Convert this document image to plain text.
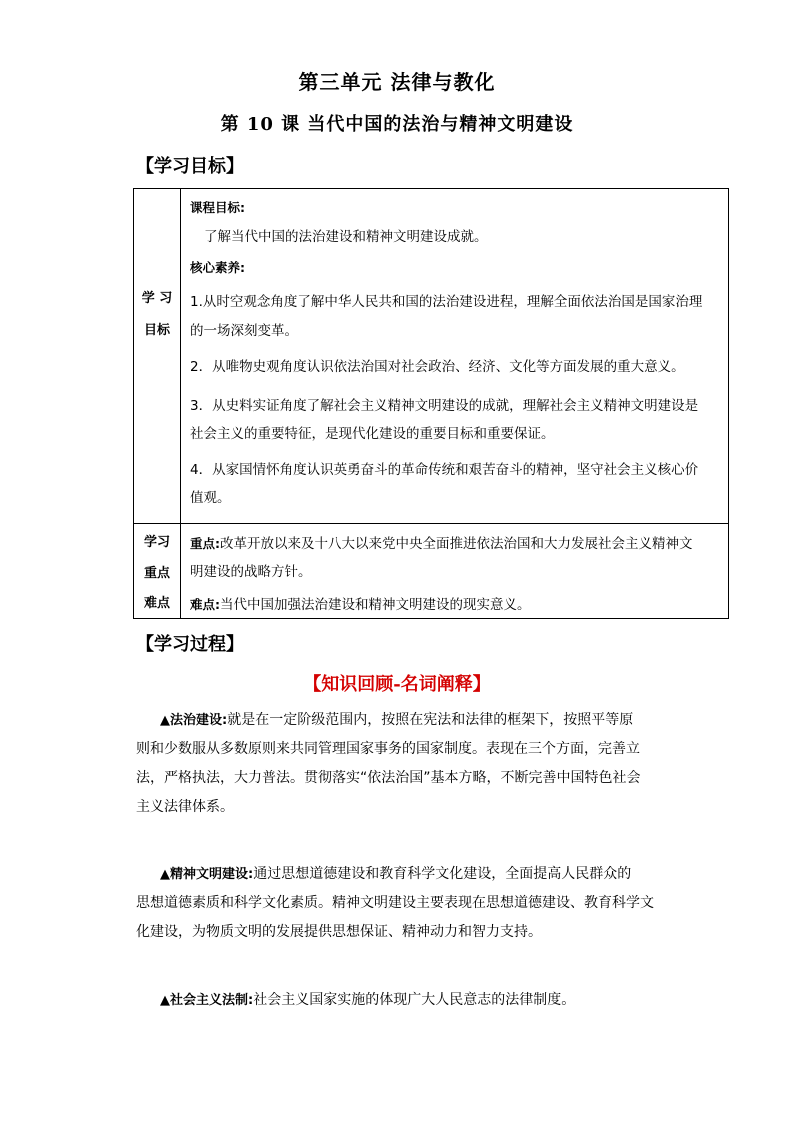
第三单元 法律与教化
第 10 课 当代中国的法治与精神文明建设
【学习目标】
学 习
目标
课程目标:
了解当代中国的法治建设和精神文明建设成就。
核心素养:
1.从时空观念角度了解中华人民共和国的法治建设进程，理解全面依法治国是国家治理
的一场深刻变革。
2．从唯物史观角度认识依法治国对社会政治、经济、文化等方面发展的重大意义。
3．从史料实证角度了解社会主义精神文明建设的成就，理解社会主义精神文明建设是
社会主义的重要特征，是现代化建设的重要目标和重要保证。
4．从家国情怀角度认识英勇奋斗的革命传统和艰苦奋斗的精神，坚守社会主义核心价
值观。
学习
重点
难点
重点:改革开放以来及十八大以来党中央全面推进依法治国和大力发展社会主义精神文
明建设的战略方针。
难点:当代中国加强法治建设和精神文明建设的现实意义。
【学习过程】
【知识回顾-名词阐释】
▲法治建设:就是在一定阶级范围内，按照在宪法和法律的框架下，按照平等原
则和少数服从多数原则来共同管理国家事务的国家制度。表现在三个方面，完善立
法，严格执法，大力普法。贯彻落实“依法治国”基本方略，不断完善中国特色社会
主义法律体系。
▲精神文明建设:通过思想道德建设和教育科学文化建设，全面提高人民群众的
思想道德素质和科学文化素质。精神文明建设主要表现在思想道德建设、教育科学文
化建设，为物质文明的发展提供思想保证、精神动力和智力支持。
▲社会主义法制:社会主义国家实施的体现广大人民意志的法律制度。
